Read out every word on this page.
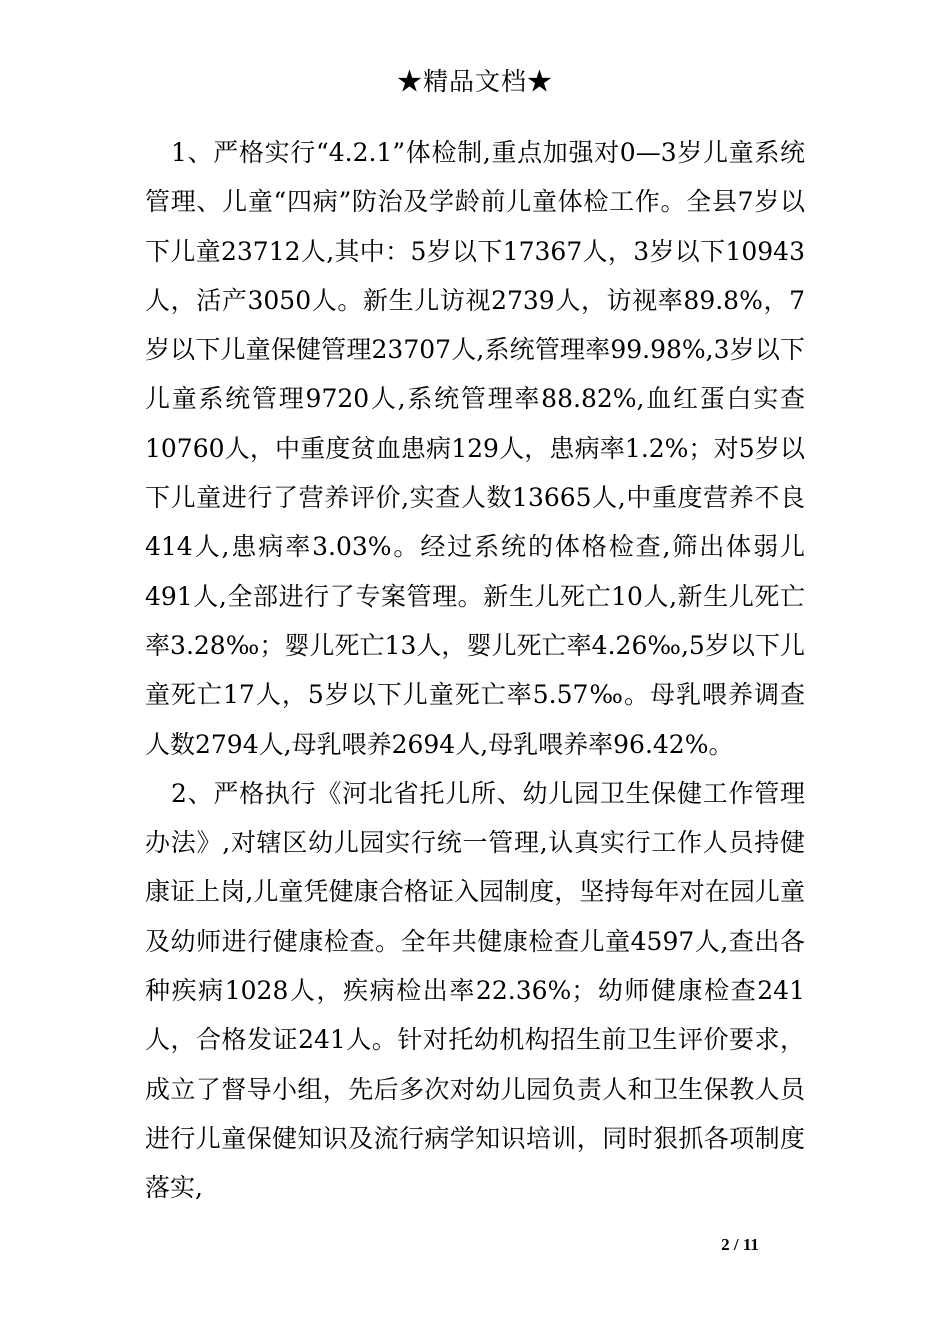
★精品文档★

1、严格实行“4.2.1”体检制,重点加强对0—3岁儿童系统管理、儿童“四病”防治及学龄前儿童体检工作。全县7岁以下儿童23712人,其中：5岁以下17367人，3岁以下10943人，活产3050人。新生儿访视2739人，访视率89.8%，7岁以下儿童保健管理23707人,系统管理率99.98%,3岁以下儿童系统管理9720人,系统管理率88.82%,血红蛋白实查10760人，中重度贫血患病129人，患病率1.2%；对5岁以下儿童进行了营养评价,实查人数13665人,中重度营养不良414人,患病率3.03%。经过系统的体格检查,筛出体弱儿491人,全部进行了专案管理。新生儿死亡10人,新生儿死亡率3.28‰；婴儿死亡13人，婴儿死亡率4.26‰,5岁以下儿童死亡17人，5岁以下儿童死亡率5.57‰。母乳喂养调查人数2794人,母乳喂养2694人,母乳喂养率96.42%。

2、严格执行《河北省托儿所、幼儿园卫生保健工作管理办法》,对辖区幼儿园实行统一管理,认真实行工作人员持健康证上岗,儿童凭健康合格证入园制度，坚持每年对在园儿童及幼师进行健康检查。全年共健康检查儿童4597人,查出各种疾病1028人，疾病检出率22.36%；幼师健康检查241人，合格发证241人。针对托幼机构招生前卫生评价要求，成立了督导小组，先后多次对幼儿园负责人和卫生保教人员进行儿童保健知识及流行病学知识培训，同时狠抓各项制度落实,

2 / 11
